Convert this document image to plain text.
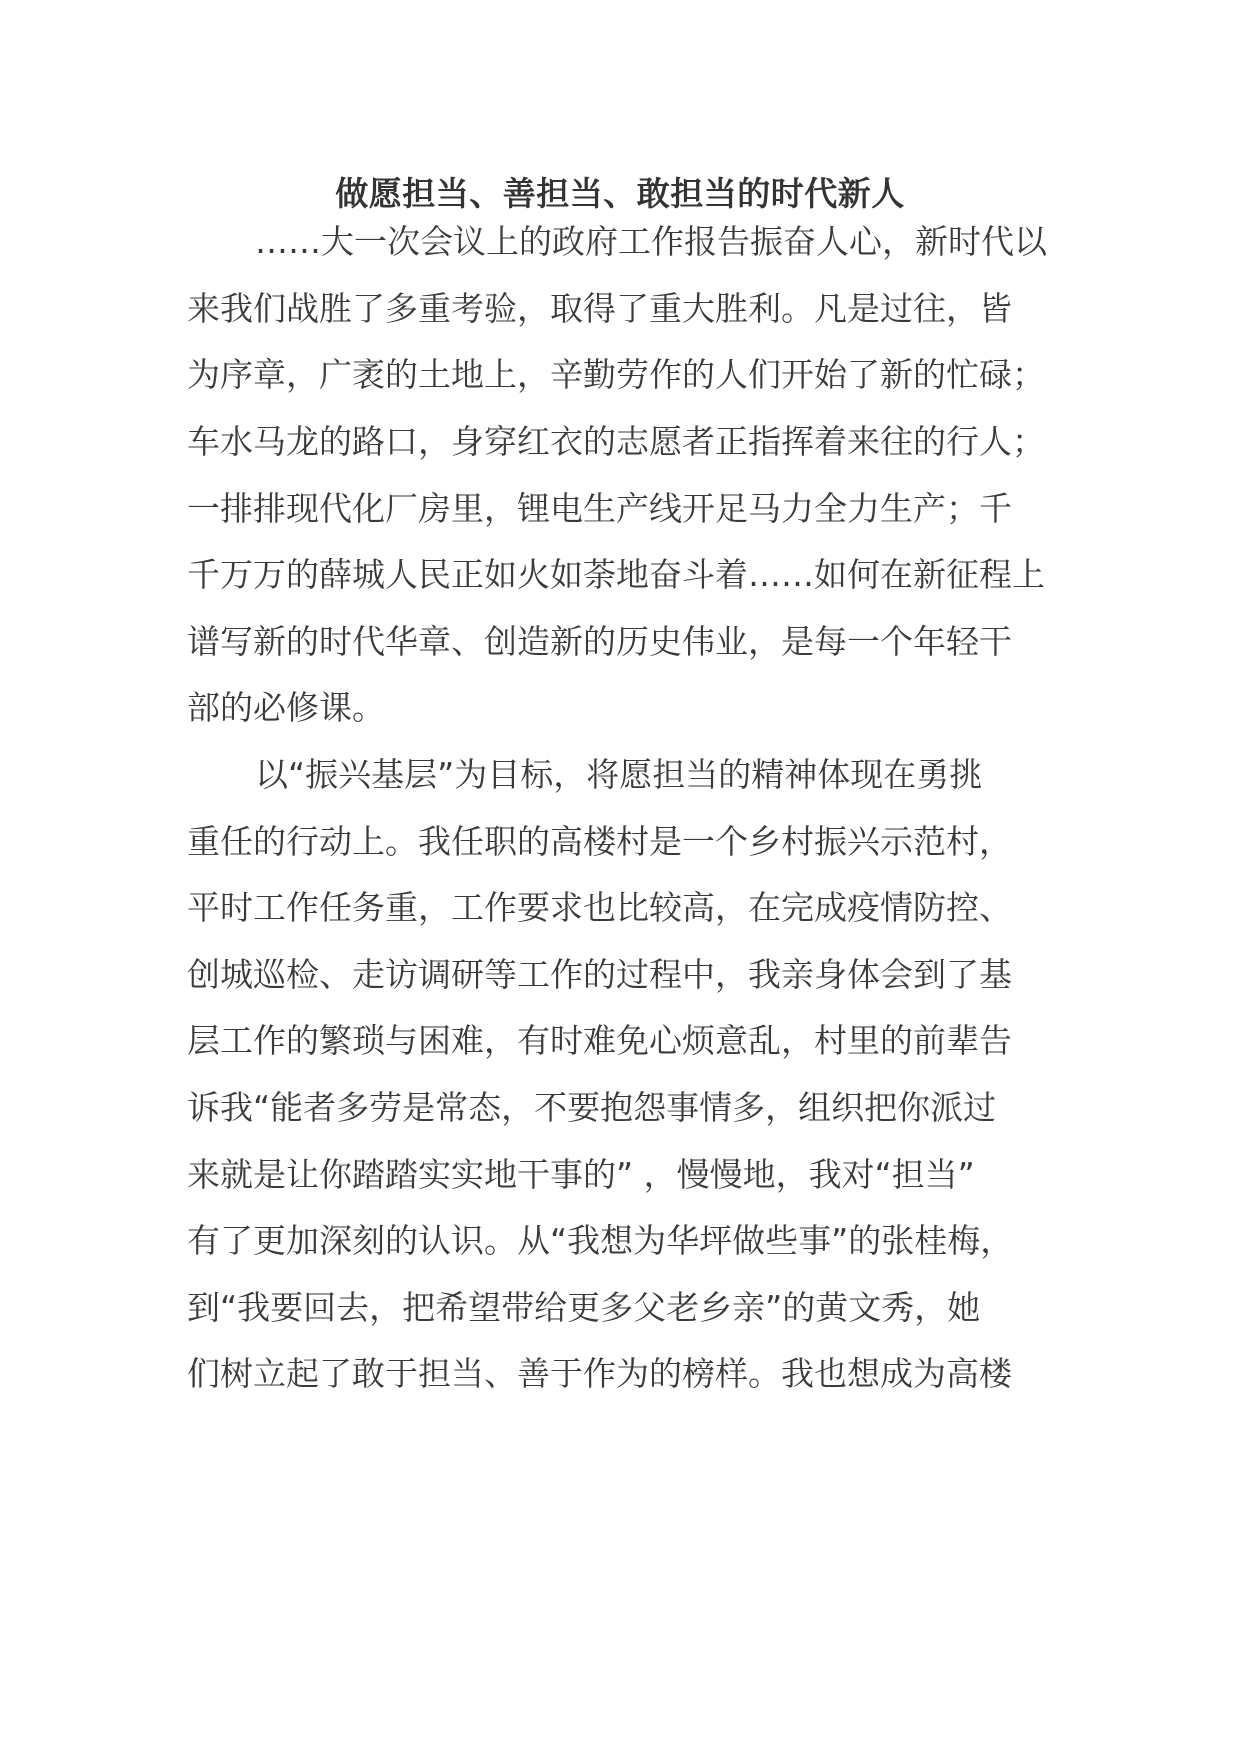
做愿担当、善担当、敢担当的时代新人
……大一次会议上的政府工作报告振奋人心，新时代以
来我们战胜了多重考验，取得了重大胜利。凡是过往，皆
为序章，广袤的土地上，辛勤劳作的人们开始了新的忙碌；
车水马龙的路口，身穿红衣的志愿者正指挥着来往的行人；
一排排现代化厂房里，锂电生产线开足马力全力生产；千
千万万的薛城人民正如火如荼地奋斗着……如何在新征程上
谱写新的时代华章、创造新的历史伟业，是每一个年轻干
部的必修课。
以“振兴基层”为目标，将愿担当的精神体现在勇挑
重任的行动上。我任职的高楼村是一个乡村振兴示范村，
平时工作任务重，工作要求也比较高，在完成疫情防控、
创城巡检、走访调研等工作的过程中，我亲身体会到了基
层工作的繁琐与困难，有时难免心烦意乱，村里的前辈告
诉我“能者多劳是常态，不要抱怨事情多，组织把你派过
来就是让你踏踏实实地干事的” ，慢慢地，我对“担当”
有了更加深刻的认识。从“我想为华坪做些事”的张桂梅，
到“我要回去，把希望带给更多父老乡亲”的黄文秀，她
们树立起了敢于担当、善于作为的榜样。我也想成为高楼
